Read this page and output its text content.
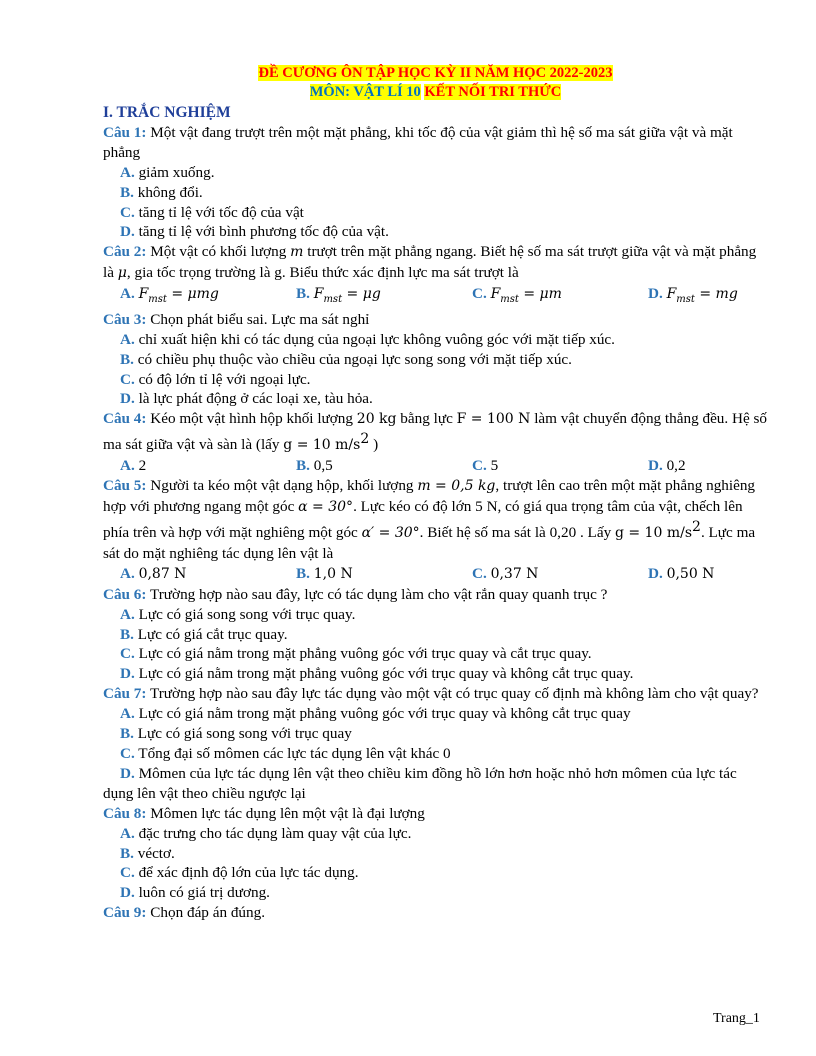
ĐỀ CƯƠNG ÔN TẬP HỌC KỲ II NĂM HỌC 2022-2023
MÔN: VẬT LÍ 10 KẾT NỐI TRI THỨC
I. TRẮC NGHIỆM
Câu 1: Một vật đang trượt trên một mặt phẳng, khi tốc độ của vật giảm thì hệ số ma sát giữa vật và mặt phẳng
A. giảm xuống.
B. không đổi.
C. tăng tỉ lệ với tốc độ của vật
D. tăng tỉ lệ với bình phương tốc độ của vật.
Câu 2: Một vật có khối lượng m trượt trên mặt phẳng ngang. Biết hệ số ma sát trượt giữa vật và mặt phẳng là μ, gia tốc trọng trường là g. Biểu thức xác định lực ma sát trượt là
A. $F_{mst} = \mu mg$	B. $F_{mst} = \mu g$	C. $F_{mst} = \mu m$	D. $F_{mst}$ = mg
Câu 3: Chọn phát biểu sai. Lực ma sát nghỉ
A. chỉ xuất hiện khi có tác dụng của ngoại lực không vuông góc với mặt tiếp xúc.
B. có chiều phụ thuộc vào chiều của ngoại lực song song với mặt tiếp xúc.
C. có độ lớn tỉ lệ với ngoại lực.
D. là lực phát động ở các loại xe, tàu hỏa.
Câu 4: Kéo một vật hình hộp khối lượng 20 kg bằng lực F = 100 N làm vật chuyển động thẳng đều. Hệ số ma sát giữa vật và sàn là (lấy g = 10 $m/s^2$ )
A. 2	B. 0,5	C. 5	D. 0,2
Câu 5: Người ta kéo một vật dạng hộp, khối lượng m = 0,5 kg, trượt lên cao trên một mặt phẳng nghiêng hợp với phương ngang một góc α = 30°. Lực kéo có độ lớn 5 N, có giá qua trọng tâm của vật, chếch lên phía trên và hợp với mặt nghiêng một góc α′ = 30°. Biết hệ số ma sát là 0,20 . Lấy g = 10 $m/s^2$. Lực ma sát do mặt nghiêng tác dụng lên vật là
A. 0,87 N	B. 1,0 N	C. 0,37 N	D. 0,50 N
Câu 6: Trường hợp nào sau đây, lực có tác dụng làm cho vật rắn quay quanh trục ?
A. Lực có giá song song với trục quay.
B. Lực có giá cắt trục quay.
C. Lực có giá nằm trong mặt phẳng vuông góc với trục quay và cắt trục quay.
D. Lực có giá nằm trong mặt phẳng vuông góc với trục quay và không cắt trục quay.
Câu 7: Trường hợp nào sau đây lực tác dụng vào một vật có trục quay cố định mà không làm cho vật quay?
A. Lực có giá nằm trong mặt phẳng vuông góc với trục quay và không cắt trục quay
B. Lực có giá song song với trục quay
C. Tổng đại số mômen các lực tác dụng lên vật khác 0
D. Mômen của lực tác dụng lên vật theo chiều kim đồng hồ lớn hơn hoặc nhỏ hơn mômen của lực tác dụng lên vật theo chiều ngược lại
Câu 8: Mômen lực tác dụng lên một vật là đại lượng
A. đặc trưng cho tác dụng làm quay vật của lực.
B. véctơ.
C. để xác định độ lớn của lực tác dụng.
D. luôn có giá trị dương.
Câu 9: Chọn đáp án đúng.
Trang_1
